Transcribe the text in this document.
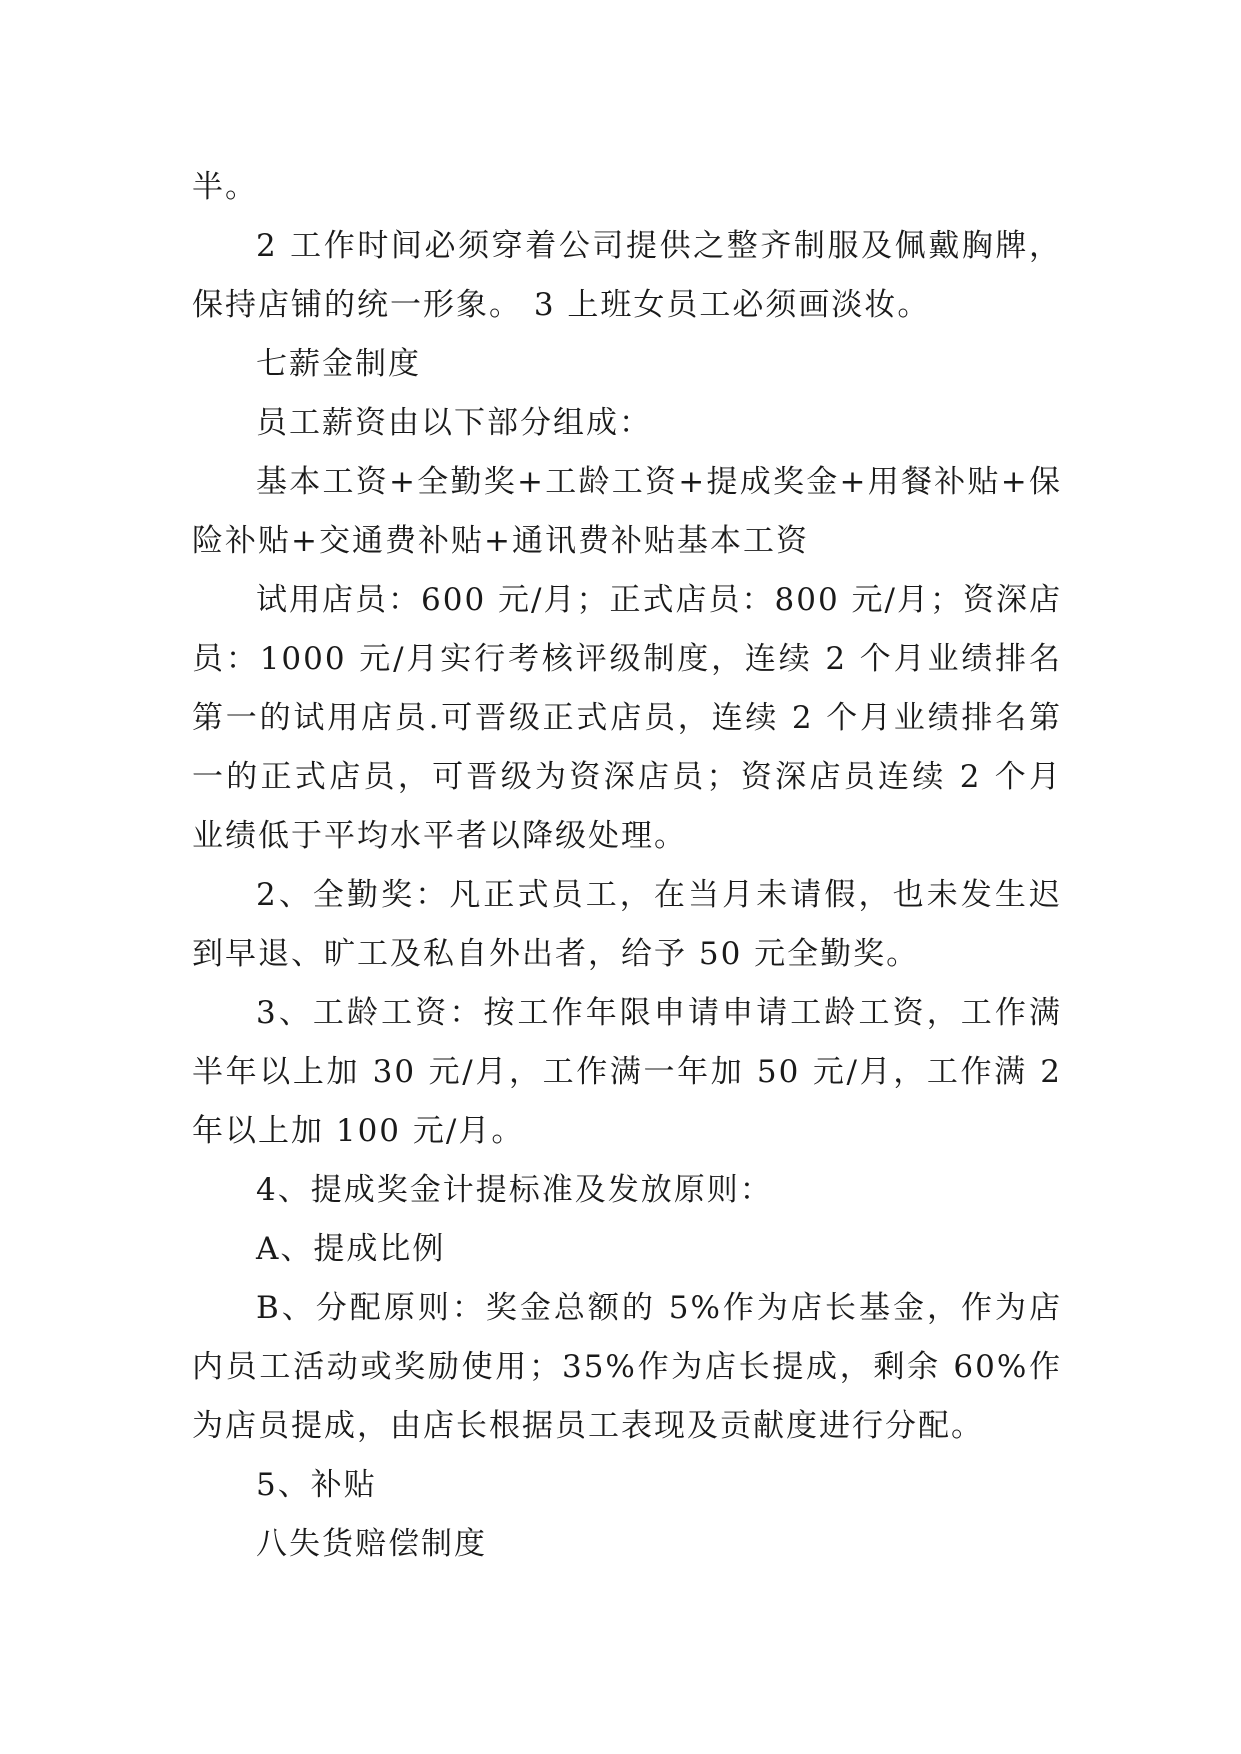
半。

2 工作时间必须穿着公司提供之整齐制服及佩戴胸牌，保持店铺的统一形象。 3 上班女员工必须画淡妆。

七薪金制度

员工薪资由以下部分组成：

基本工资+全勤奖+工龄工资+提成奖金+用餐补贴+保险补贴+交通费补贴+通讯费补贴基本工资

试用店员：600 元/月；正式店员：800 元/月；资深店员：1000 元/月实行考核评级制度，连续 2 个月业绩排名第一的试用店员.可晋级正式店员，连续 2 个月业绩排名第一的正式店员，可晋级为资深店员；资深店员连续 2 个月业绩低于平均水平者以降级处理。

2、全勤奖：凡正式员工，在当月未请假，也未发生迟到早退、旷工及私自外出者，给予 50 元全勤奖。

3、工龄工资：按工作年限申请申请工龄工资，工作满半年以上加 30 元/月，工作满一年加 50 元/月，工作满 2 年以上加 100 元/月。

4、提成奖金计提标准及发放原则：

A、提成比例

B、分配原则：奖金总额的 5%作为店长基金，作为店内员工活动或奖励使用；35%作为店长提成，剩余 60%作为店员提成，由店长根据员工表现及贡献度进行分配。

5、补贴

八失货赔偿制度
